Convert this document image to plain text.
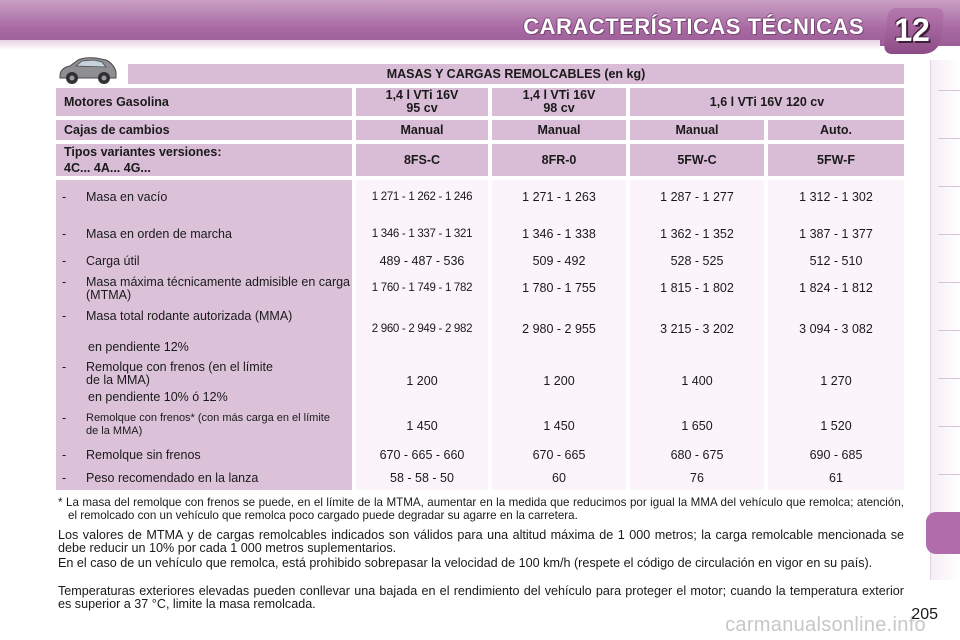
CARACTERÍSTICAS TÉCNICAS 12
MASAS Y CARGAS REMOLCABLES (en kg)
Motores Gasolina	1,4 l VTi 16V
95 cv
1,4 l VTi 16V
98 cv	1,6 l VTi 16V 120 cv
Cajas de cambios	Manual	Manual	Manual	Auto.
Tipos variantes versiones:
4C... 4A... 4G...
8FS-C	8FR-0	5FW-C	5FW-F
-	Masa en vacío	1 271 - 1 262 - 1 246	1 271 - 1 263	1 287 - 1 277	1 312 - 1 302
-	Masa en orden de marcha	1 346 - 1 337 - 1 321	1 346 - 1 338	1 362 - 1 352	1 387 - 1 377
-	Carga útil	489 - 487 - 536	509 - 492	528 - 525	512 - 510
-	Masa máxima técnicamente admisible en carga (MTMA)	1 760 - 1 749 - 1 782	1 780 - 1 755	1 815 - 1 802	1 824 - 1 812
-	Masa total rodante autorizada (MMA)
en pendiente 12%
2 960 - 2 949 - 2 982	2 980 - 2 955	3 215 - 3 202	3 094 - 3 082
-	Remolque con frenos (en el límite de la MMA)
en pendiente 10% ó 12%
1 200	1 200	1 400	1 270
-	Remolque con frenos* (con más carga en el límite de la MMA)	1 450	1 450	1 650	1 520
-	Remolque sin frenos	670 - 665 - 660	670 - 665	680 - 675	690 - 685
-	Peso recomendado en la lanza	58 - 58 - 50	60	76	61
* La masa del remolque con frenos se puede, en el límite de la MTMA, aumentar en la medida que reducimos por igual la MMA del vehículo que remolca; atención, el remolcado con un vehículo que remolca poco cargado puede degradar su agarre en la carretera.
Los valores de MTMA y de cargas remolcables indicados son válidos para una altitud máxima de 1 000 metros; la carga remolcable mencionada se debe reducir un 10% por cada 1 000 metros suplementarios.
En el caso de un vehículo que remolca, está prohibido sobrepasar la velocidad de 100 km/h (respete el código de circulación en vigor en su país).
Temperaturas exteriores elevadas pueden conllevar una bajada en el rendimiento del vehículo para proteger el motor; cuando la temperatura exterior es superior a 37 °C, limite la masa remolcada.
carmanualsonline.info
205
